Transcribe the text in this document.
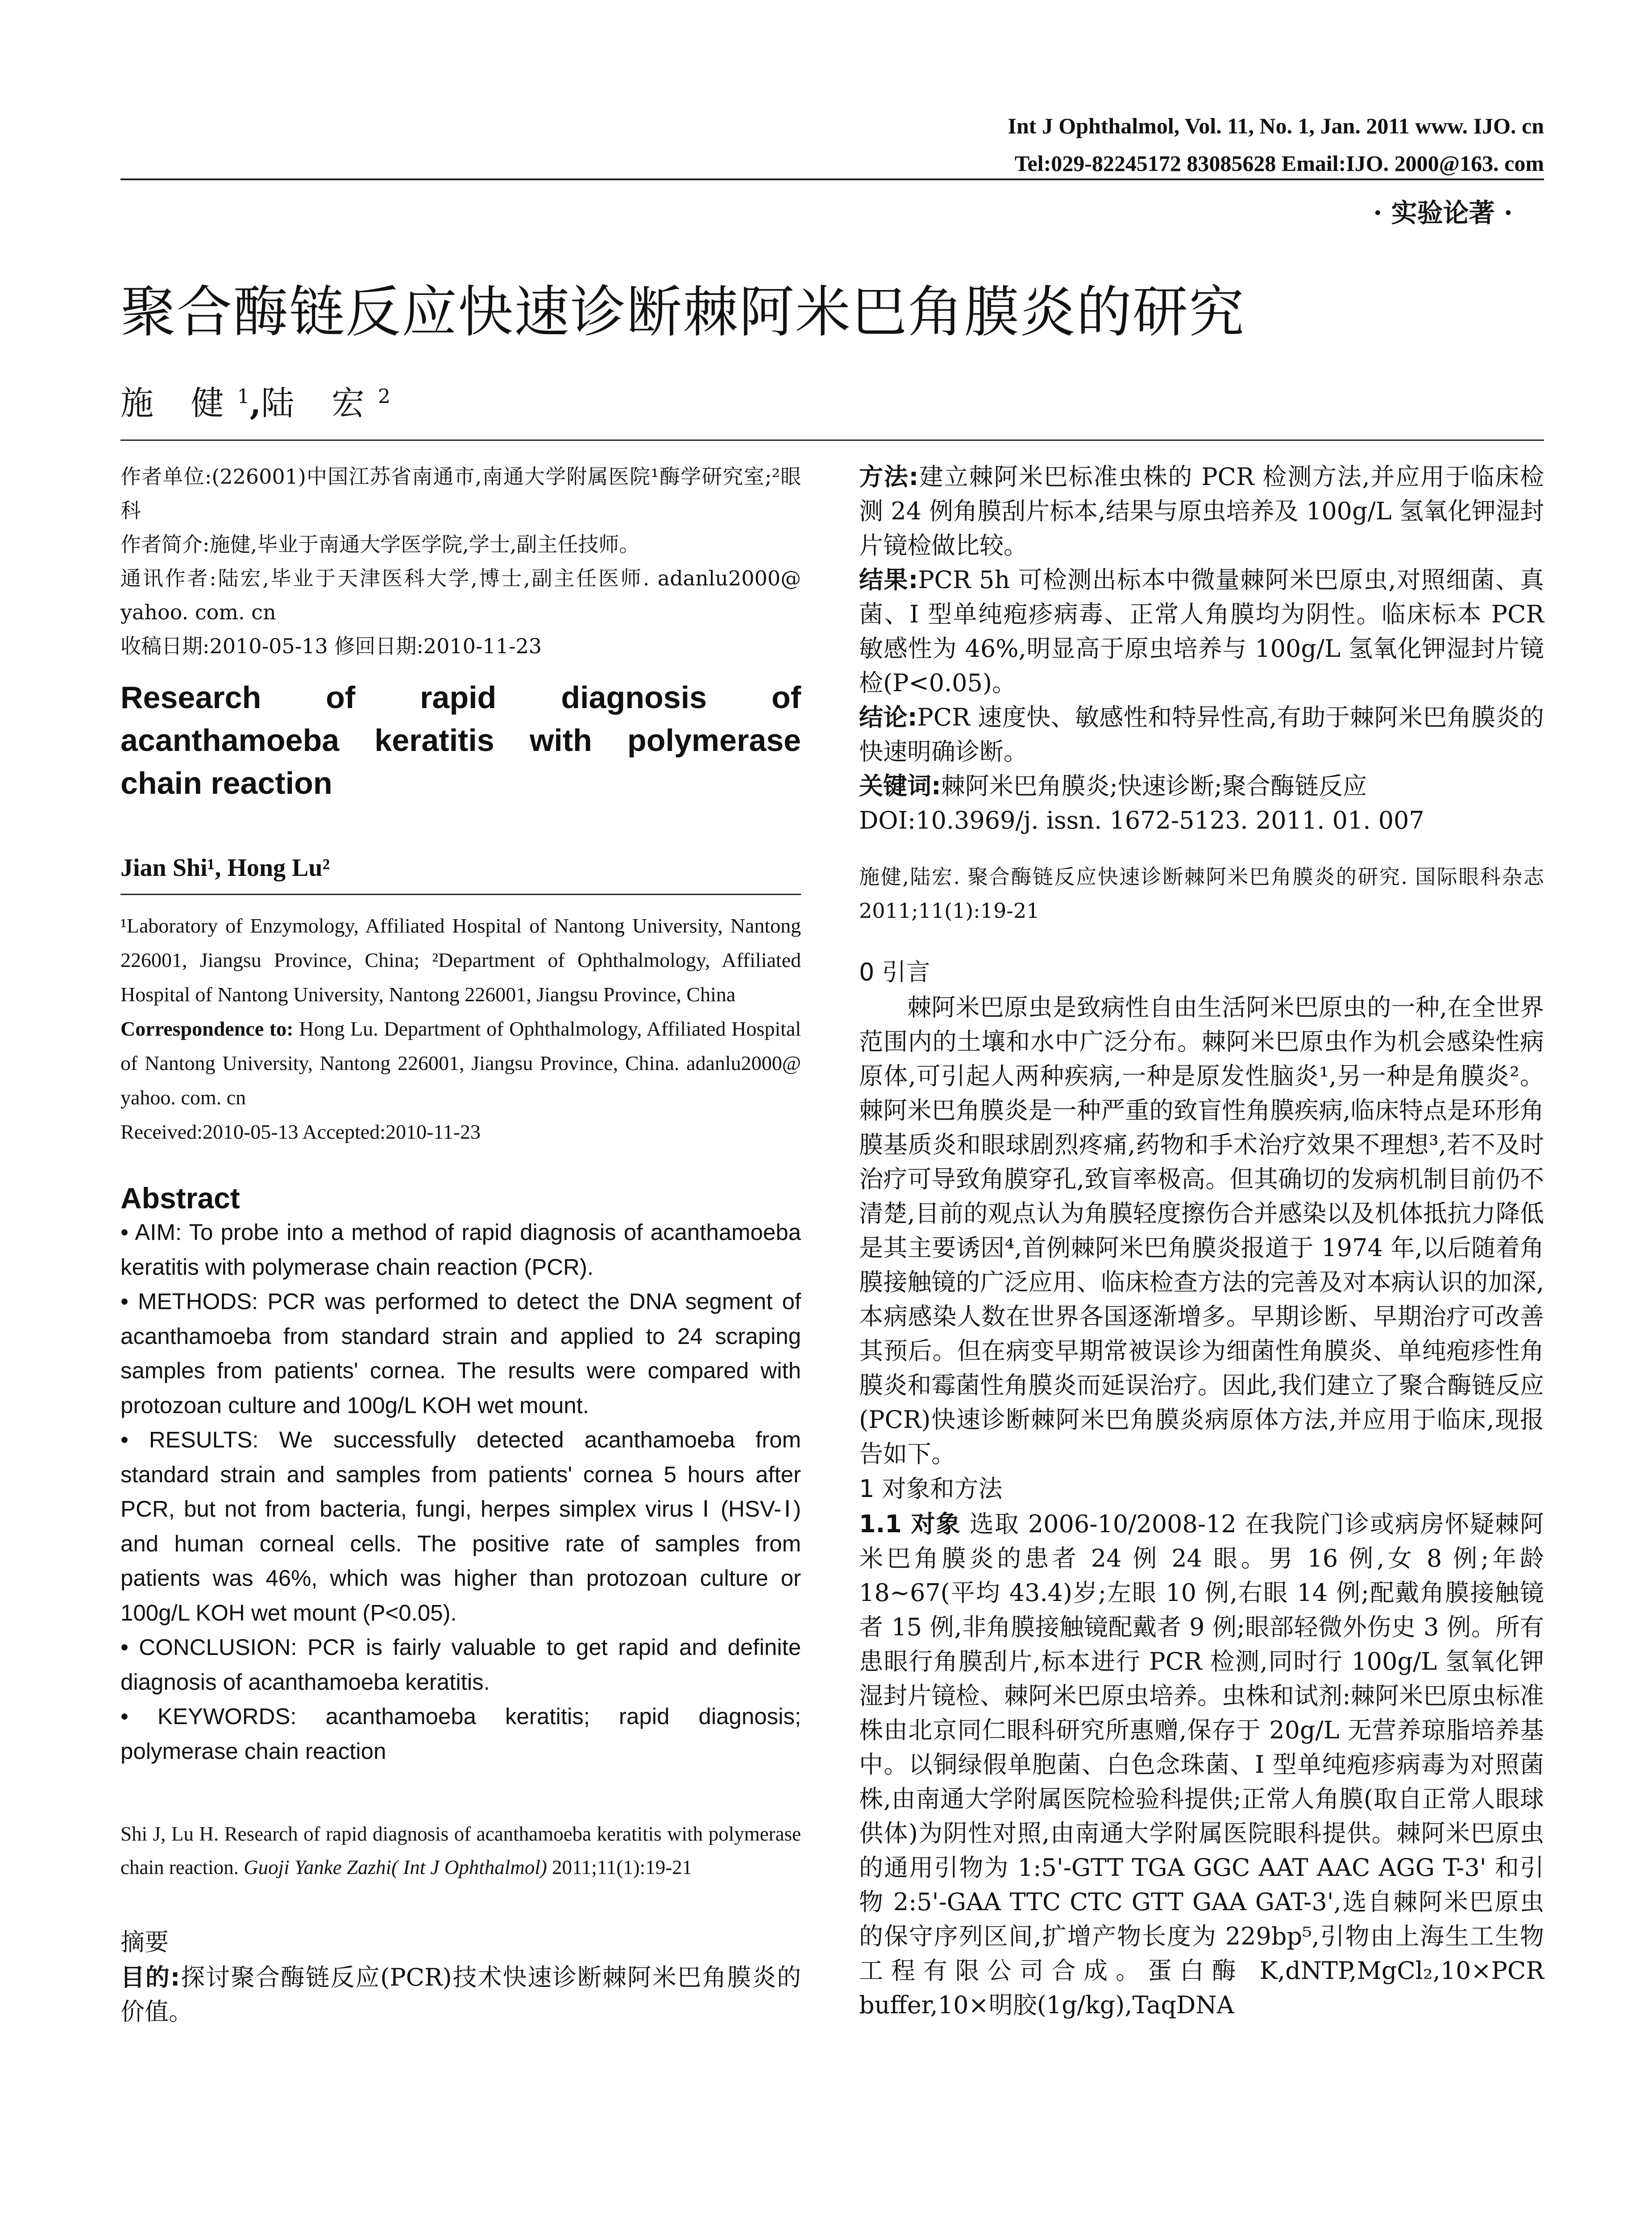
Int J Ophthalmol, Vol. 11, No. 1, Jan. 2011 www. IJO. cn
Tel:029-82245172 83085628 Email:IJO. 2000@163. com
· 实验论著 ·
聚合酶链反应快速诊断棘阿米巴角膜炎的研究
施 健$^1$,陆 宏$^2$

作者单位:(226001)中国江苏省南通市,南通大学附属医院¹酶学研究室;²眼科

作者简介:施健,毕业于南通大学医学院,学士,副主任技师。

通讯作者:陆宏,毕业于天津医科大学,博士,副主任医师. adanlu2000@ yahoo. com. cn

收稿日期:2010-05-13 修回日期:2010-11-23

Research of rapid diagnosis of acanthamoeba keratitis with polymerase chain reaction

Jian Shi¹, Hong Lu²

¹Laboratory of Enzymology, Affiliated Hospital of Nantong University, Nantong 226001, Jiangsu Province, China; ²Department of Ophthalmology, Affiliated Hospital of Nantong University, Nantong 226001, Jiangsu Province, China

Correspondence to: Hong Lu. Department of Ophthalmology, Affiliated Hospital of Nantong University, Nantong 226001, Jiangsu Province, China. adanlu2000@ yahoo. com. cn

Received:2010-05-13 Accepted:2010-11-23

Abstract

• AIM: To probe into a method of rapid diagnosis of acanthamoeba keratitis with polymerase chain reaction (PCR).

• METHODS: PCR was performed to detect the DNA segment of acanthamoeba from standard strain and applied to 24 scraping samples from patients' cornea. The results were compared with protozoan culture and 100g/L KOH wet mount.

• RESULTS: We successfully detected acanthamoeba from standard strain and samples from patients' cornea 5 hours after PCR, but not from bacteria, fungi, herpes simplex virus Ⅰ (HSV-Ⅰ) and human corneal cells. The positive rate of samples from patients was 46%, which was higher than protozoan culture or 100g/L KOH wet mount (P<0.05).

• CONCLUSION: PCR is fairly valuable to get rapid and definite diagnosis of acanthamoeba keratitis.

• KEYWORDS: acanthamoeba keratitis; rapid diagnosis; polymerase chain reaction

Shi J, Lu H. Research of rapid diagnosis of acanthamoeba keratitis with polymerase chain reaction. Guoji Yanke Zazhi( Int J Ophthalmol) 2011;11(1):19-21

摘要

目的:探讨聚合酶链反应(PCR)技术快速诊断棘阿米巴角膜炎的价值。

方法:建立棘阿米巴标准虫株的 PCR 检测方法,并应用于临床检测 24 例角膜刮片标本,结果与原虫培养及 100g/L 氢氧化钾湿封片镜检做比较。

结果:PCR 5h 可检测出标本中微量棘阿米巴原虫,对照细菌、真菌、I 型单纯疱疹病毒、正常人角膜均为阴性。临床标本 PCR 敏感性为 46%,明显高于原虫培养与 100g/L 氢氧化钾湿封片镜检(P<0.05)。

结论:PCR 速度快、敏感性和特异性高,有助于棘阿米巴角膜炎的快速明确诊断。

关键词:棘阿米巴角膜炎;快速诊断;聚合酶链反应

DOI:10.3969/j. issn. 1672-5123. 2011. 01. 007

施健,陆宏. 聚合酶链反应快速诊断棘阿米巴角膜炎的研究. 国际眼科杂志 2011;11(1):19-21

0 引言

棘阿米巴原虫是致病性自由生活阿米巴原虫的一种,在全世界范围内的土壤和水中广泛分布。棘阿米巴原虫作为机会感染性病原体,可引起人两种疾病,一种是原发性脑炎¹,另一种是角膜炎²。棘阿米巴角膜炎是一种严重的致盲性角膜疾病,临床特点是环形角膜基质炎和眼球剧烈疼痛,药物和手术治疗效果不理想³,若不及时治疗可导致角膜穿孔,致盲率极高。但其确切的发病机制目前仍不清楚,目前的观点认为角膜轻度擦伤合并感染以及机体抵抗力降低是其主要诱因⁴,首例棘阿米巴角膜炎报道于 1974 年,以后随着角膜接触镜的广泛应用、临床检查方法的完善及对本病认识的加深,本病感染人数在世界各国逐渐增多。早期诊断、早期治疗可改善其预后。但在病变早期常被误诊为细菌性角膜炎、单纯疱疹性角膜炎和霉菌性角膜炎而延误治疗。因此,我们建立了聚合酶链反应(PCR)快速诊断棘阿米巴角膜炎病原体方法,并应用于临床,现报告如下。

1 对象和方法

1.1 对象 选取 2006-10/2008-12 在我院门诊或病房怀疑棘阿米巴角膜炎的患者 24 例 24 眼。男 16 例,女 8 例;年龄 18~67(平均 43.4)岁;左眼 10 例,右眼 14 例;配戴角膜接触镜者 15 例,非角膜接触镜配戴者 9 例;眼部轻微外伤史 3 例。所有患眼行角膜刮片,标本进行 PCR 检测,同时行 100g/L 氢氧化钾湿封片镜检、棘阿米巴原虫培养。虫株和试剂:棘阿米巴原虫标准株由北京同仁眼科研究所惠赠,保存于 20g/L 无营养琼脂培养基中。以铜绿假单胞菌、白色念珠菌、I 型单纯疱疹病毒为对照菌株,由南通大学附属医院检验科提供;正常人角膜(取自正常人眼球供体)为阴性对照,由南通大学附属医院眼科提供。棘阿米巴原虫的通用引物为 1:5'-GTT TGA GGC AAT AAC AGG T-3' 和引物 2:5'-GAA TTC CTC GTT GAA GAT-3',选自棘阿米巴原虫的保守序列区间,扩增产物长度为 229bp⁵,引物由上海生工生物工程有限公司合成。蛋白酶 K,dNTP,MgCl₂,10×PCR buffer,10×明胶(1g/kg),TaqDNA
